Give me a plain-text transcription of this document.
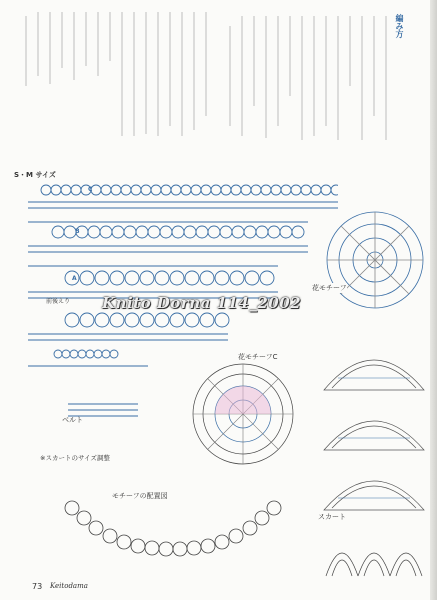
編み方
S・M サイズ
C
B
A
前後えり
ベルト
※スカートのサイズ調整
花モチーフ
花モチーフC
モチーフの配置図
スカート
Knito Dorna 114_2002
73 Keitodama
